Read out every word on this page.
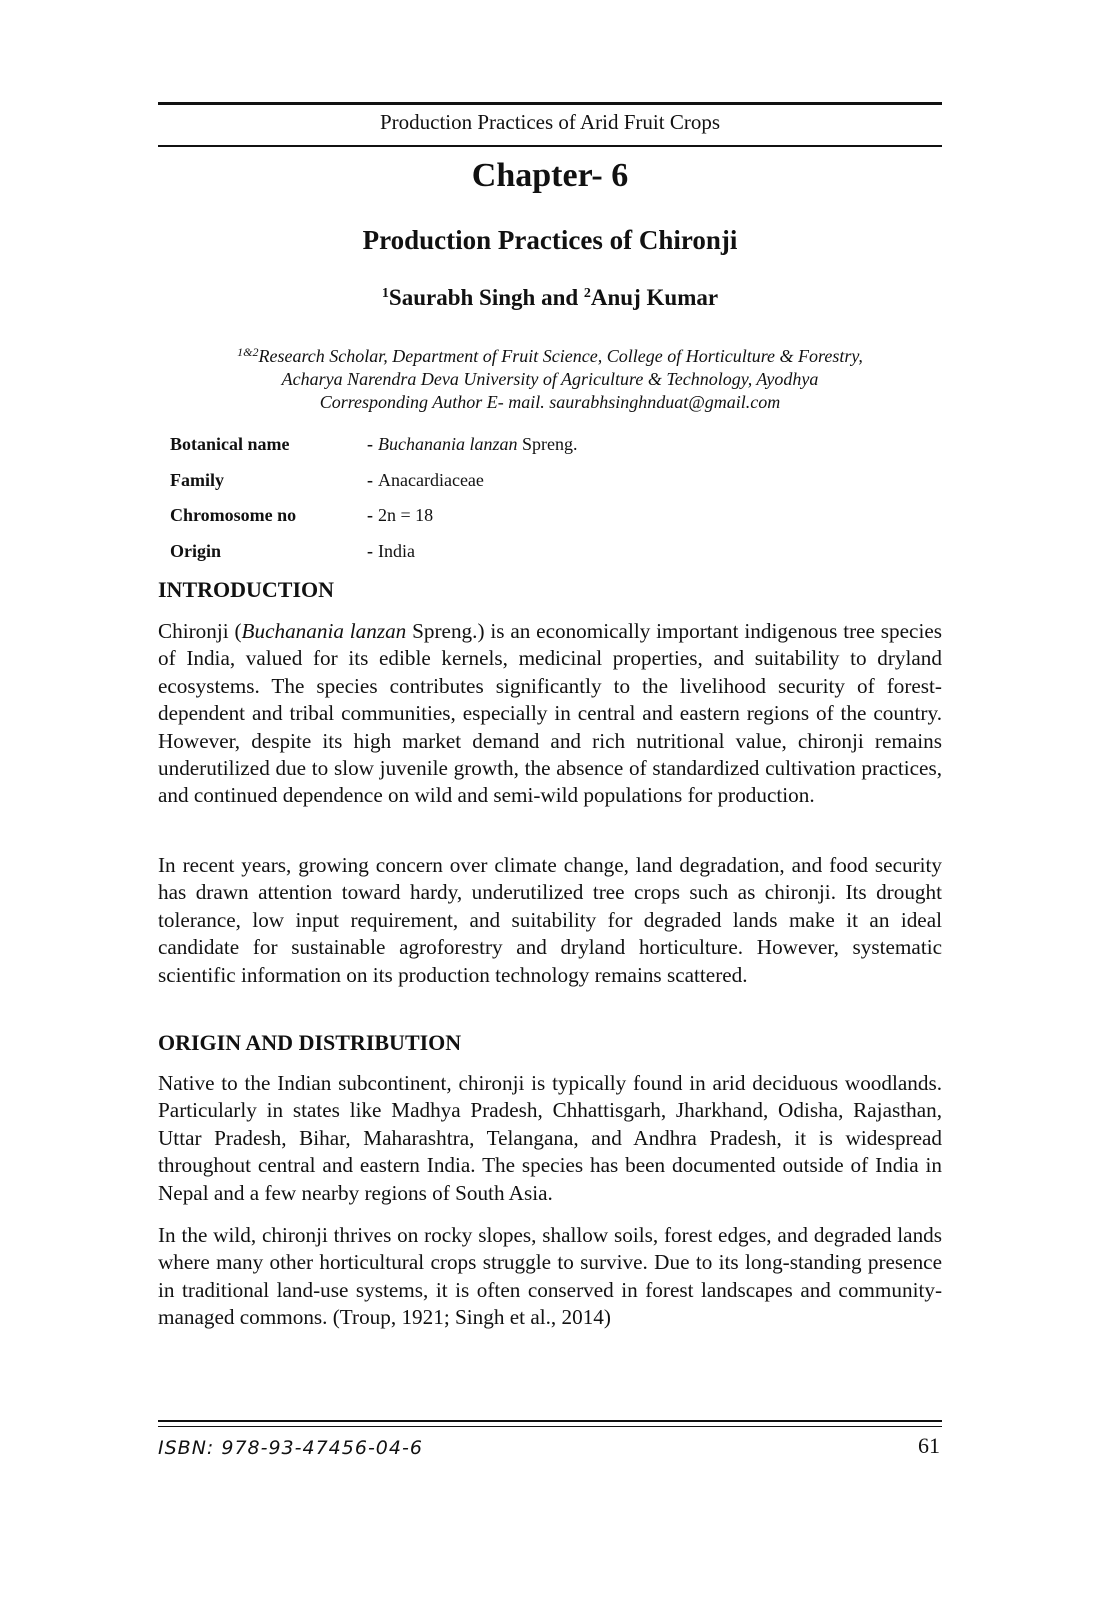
Production Practices of Arid Fruit Crops
Chapter- 6
Production Practices of Chironji
$^1$Saurabh Singh and $^2$Anuj Kumar
$^{1\&2}$Research Scholar, Department of Fruit Science, College of Horticulture & Forestry,
Acharya Narendra Deva University of Agriculture & Technology, Ayodhya
Corresponding Author E- mail. saurabhsinghnduat@gmail.com
Botanical name	- Buchanania lanzan Spreng.
Family	- Anacardiaceae
Chromosome no	- 2n = 18
Origin	- India
INTRODUCTION
Chironji (Buchanania lanzan Spreng.) is an economically important indigenous tree species of India, valued for its edible kernels, medicinal properties, and suitability to dryland ecosystems. The species contributes significantly to the livelihood security of forest-dependent and tribal communities, especially in central and eastern regions of the country. However, despite its high market demand and rich nutritional value, chironji remains underutilized due to slow juvenile growth, the absence of standardized cultivation practices, and continued dependence on wild and semi-wild populations for production.
In recent years, growing concern over climate change, land degradation, and food security has drawn attention toward hardy, underutilized tree crops such as chironji. Its drought tolerance, low input requirement, and suitability for degraded lands make it an ideal candidate for sustainable agroforestry and dryland horticulture. However, systematic scientific information on its production technology remains scattered.
ORIGIN AND DISTRIBUTION
Native to the Indian subcontinent, chironji is typically found in arid deciduous woodlands. Particularly in states like Madhya Pradesh, Chhattisgarh, Jharkhand, Odisha, Rajasthan, Uttar Pradesh, Bihar, Maharashtra, Telangana, and Andhra Pradesh, it is widespread throughout central and eastern India. The species has been documented outside of India in Nepal and a few nearby regions of South Asia.
In the wild, chironji thrives on rocky slopes, shallow soils, forest edges, and degraded lands where many other horticultural crops struggle to survive. Due to its long-standing presence in traditional land-use systems, it is often conserved in forest landscapes and community-managed commons. (Troup, 1921; Singh et al., 2014)
ISBN: 978-93-47456-04-6	61
